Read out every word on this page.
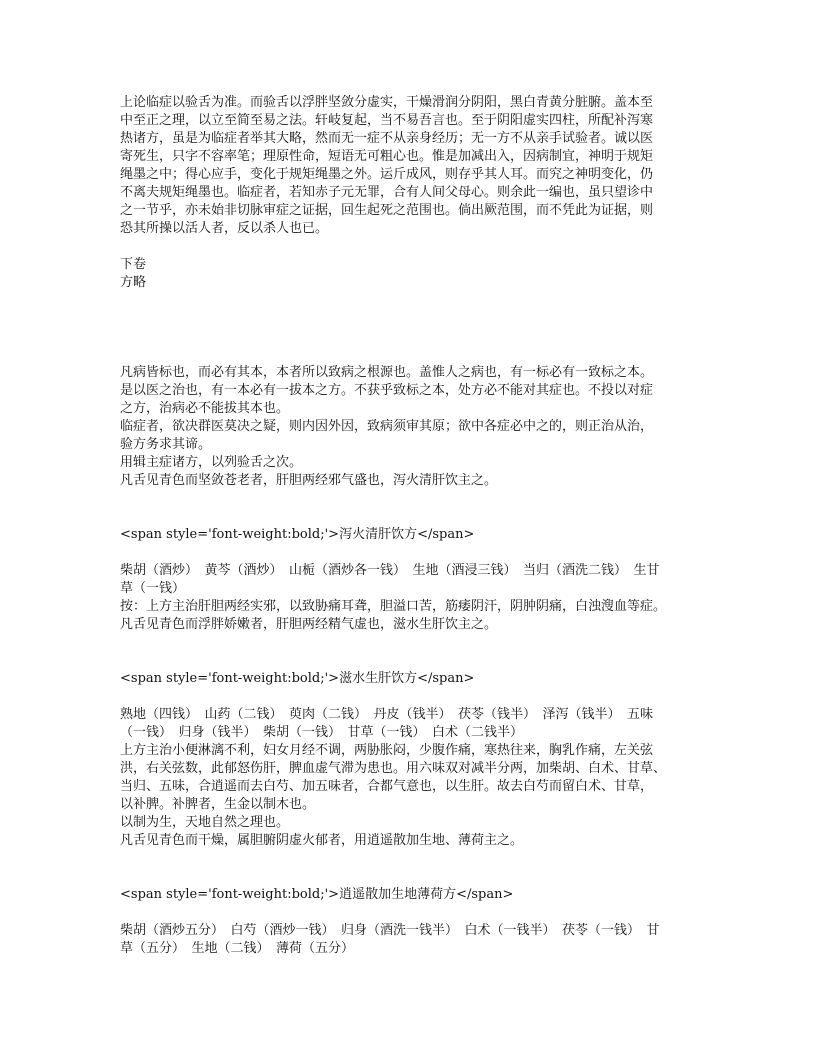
上论临症以验舌为准。而验舌以浮胖坚敛分虚实，干燥滑润分阴阳，黑白青黄分脏腑。盖本至

中至正之理，以立至简至易之法。轩岐复起，当不易吾言也。至于阴阳虚实四柱，所配补泻寒

热诸方，虽是为临症者举其大略，然而无一症不从亲身经历；无一方不从亲手试验者。诚以医

寄死生，只字不容率笔；理原性命，短语无可粗心也。惟是加减出入，因病制宜，神明于规矩

绳墨之中；得心应手，变化于规矩绳墨之外。运斤成风，则存乎其人耳。而究之神明变化，仍

不离夫规矩绳墨也。临症者，若知赤子元无罪，合有人间父母心。则余此一编也，虽只望诊中

之一节乎，亦未始非切脉审症之证据，回生起死之范围也。倘出厥范围，而不凭此为证据，则

恐其所操以活人者，反以杀人也已。

下卷

方略

凡病皆标也，而必有其本，本者所以致病之根源也。盖惟人之病也，有一标必有一致标之本。

是以医之治也，有一本必有一拔本之方。不获乎致标之本，处方必不能对其症也。不投以对症

之方，治病必不能拔其本也。

临症者，欲决群医莫决之疑，则内因外因，致病须审其原；欲中各症必中之的，则正治从治，

验方务求其谛。

用辑主症诸方，以列验舌之次。

凡舌见青色而坚敛苍老者，肝胆两经邪气盛也，泻火清肝饮主之。

<span style='font-weight:bold;'>泻火清肝饮方</span>

柴胡（酒炒）　黄芩（酒炒）　山栀（酒炒各一钱）　生地（酒浸三钱）　当归（酒洗二钱）　生甘

草（一钱）

按：上方主治肝胆两经实邪，以致胁痛耳聋，胆溢口苦，筋痿阴汗，阴肿阴痛，白浊溲血等症。

凡舌见青色而浮胖娇嫩者，肝胆两经精气虚也，滋水生肝饮主之。

<span style='font-weight:bold;'>滋水生肝饮方</span>

熟地（四钱）　山药（二钱）　萸肉（二钱）　丹皮（钱半）　茯苓（钱半）　泽泻（钱半）　五味

（一钱）　归身（钱半）　柴胡（一钱）　甘草（一钱）　白术（二钱半）

上方主治小便淋漓不利，妇女月经不调，两胁胀闷，少腹作痛，寒热往来，胸乳作痛，左关弦

洪，右关弦数，此郁怒伤肝，脾血虚气滞为患也。用六味双对减半分两，加柴胡、白术、甘草、

当归、五味，合逍遥而去白芍、加五味者，合都气意也，以生肝。故去白芍而留白术、甘草，

以补脾。补脾者，生金以制木也。

以制为生，天地自然之理也。

凡舌见青色而干燥，属胆腑阴虚火郁者，用逍遥散加生地、薄荷主之。

<span style='font-weight:bold;'>逍遥散加生地薄荷方</span>

柴胡（酒炒五分）　白芍（酒炒一钱）　归身（酒洗一钱半）　白术（一钱半）　茯苓（一钱）　甘

草（五分）　生地（二钱）　薄荷（五分）
